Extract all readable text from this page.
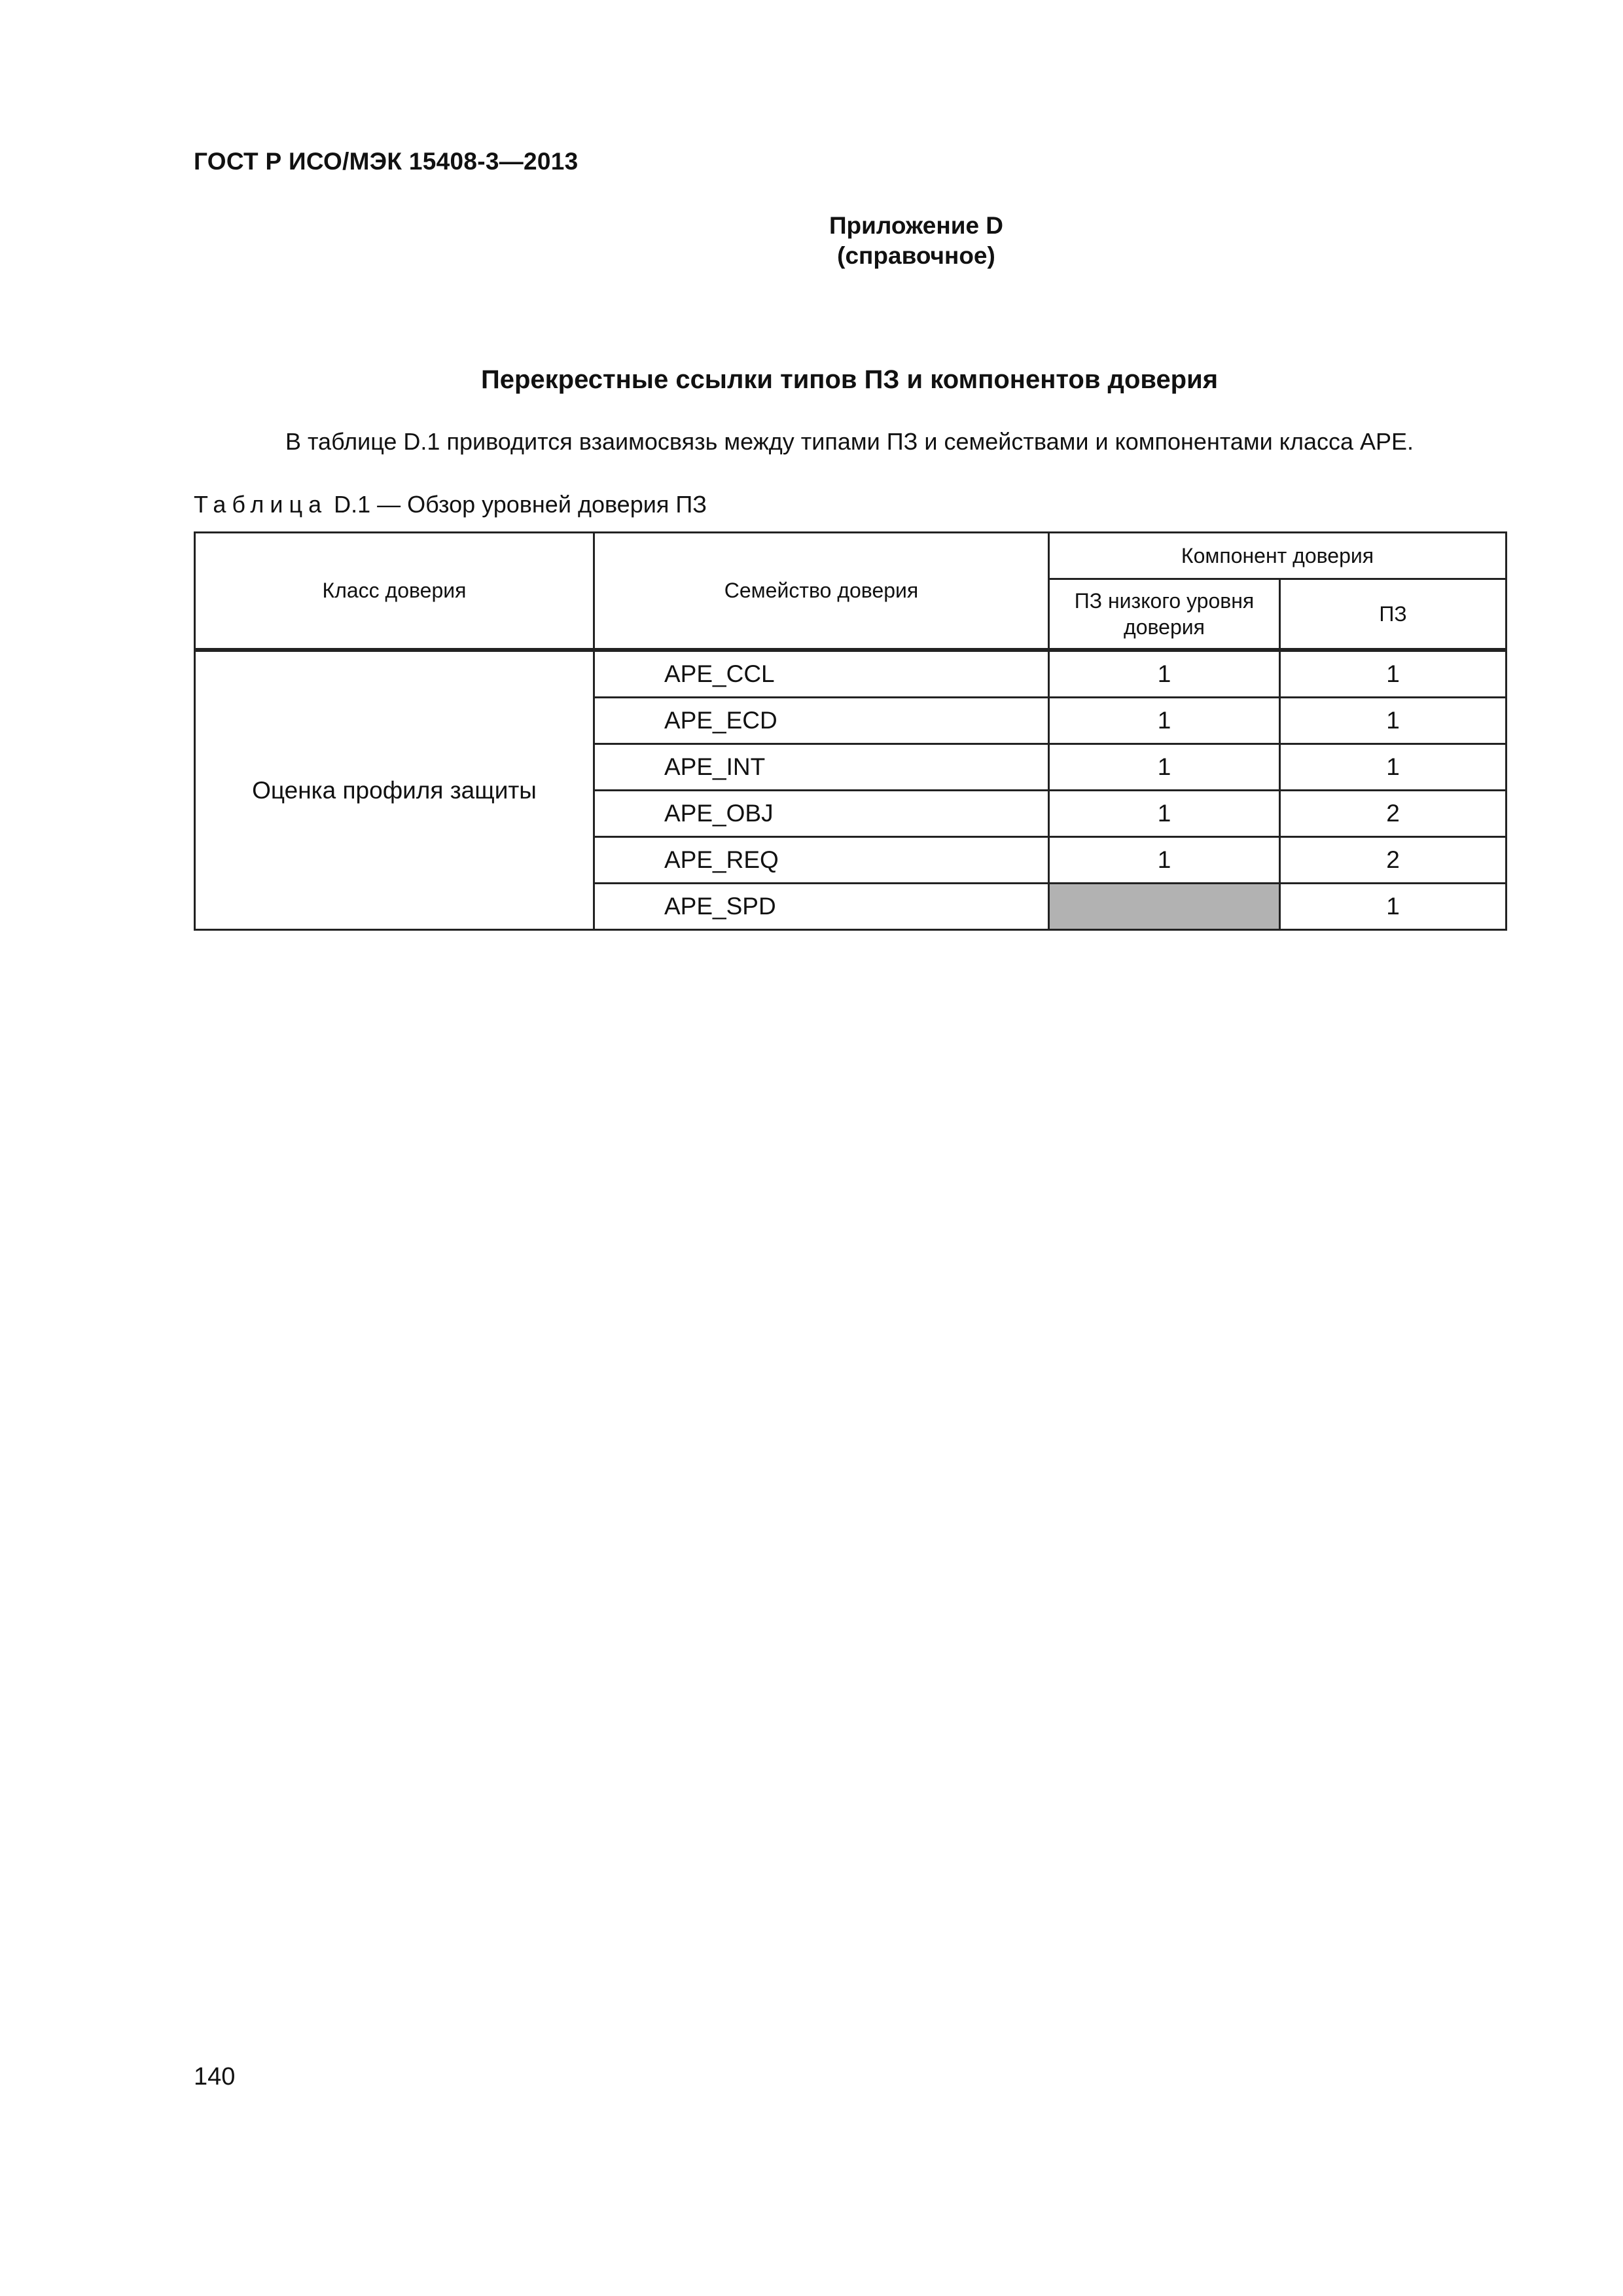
ГОСТ Р ИСО/МЭК 15408-3—2013
Приложение D
(справочное)
Перекрестные ссылки типов ПЗ и компонентов доверия
В таблице D.1 приводится взаимосвязь между типами ПЗ и семействами и компонентами класса APE.
Таблица D.1 — Обзор уровней доверия ПЗ
Класс доверия	Семейство доверия	Компонент доверия	
		ПЗ низкого уровня
доверия	ПЗ

Оценка профиля защиты	APE_CCL	1	1
	APE_ECD	1	1
	APE_INT	1	1
	APE_OBJ	1	2
	APE_REQ	1	2
	APE_SPD		1
140
